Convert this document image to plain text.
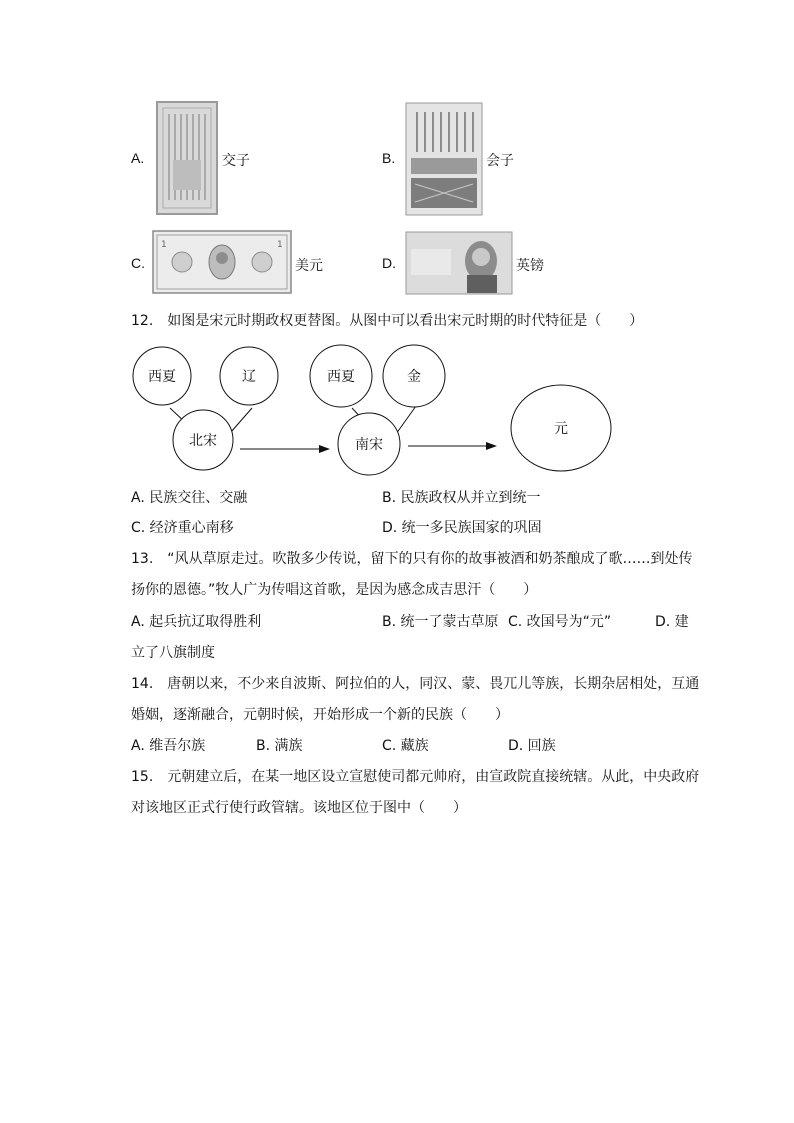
A.	交子	B.	会子
C.
1	1
美元	D.	英镑
12.　如图是宋元时期政权更替图。从图中可以看出宋元时期的时代特征是（　　）
西夏	辽
北宋
西夏	金
南宋
元
A. 民族交往、交融	B. 民族政权从并立到统一
C. 经济重心南移	D. 统一多民族国家的巩固
13.　“风从草原走过。吹散多少传说，留下的只有你的故事被酒和奶茶酿成了歌……到处传
扬你的恩德。”牧人广为传唱这首歌，是因为感念成吉思汗（　　）
A. 起兵抗辽取得胜利	B. 统一了蒙古草原 C. 改国号为“元”	D. 建
立了八旗制度
14.　唐朝以来，不少来自波斯、阿拉伯的人，同汉、蒙、畏兀儿等族，长期杂居相处，互通
婚姻，逐渐融合，元朝时候，开始形成一个新的民族（　　）
A. 维吾尔族	B. 满族	C. 藏族	D. 回族
15.　元朝建立后，在某一地区设立宣慰使司都元帅府，由宣政院直接统辖。从此，中央政府
对该地区正式行使行政管辖。该地区位于图中（　　）
